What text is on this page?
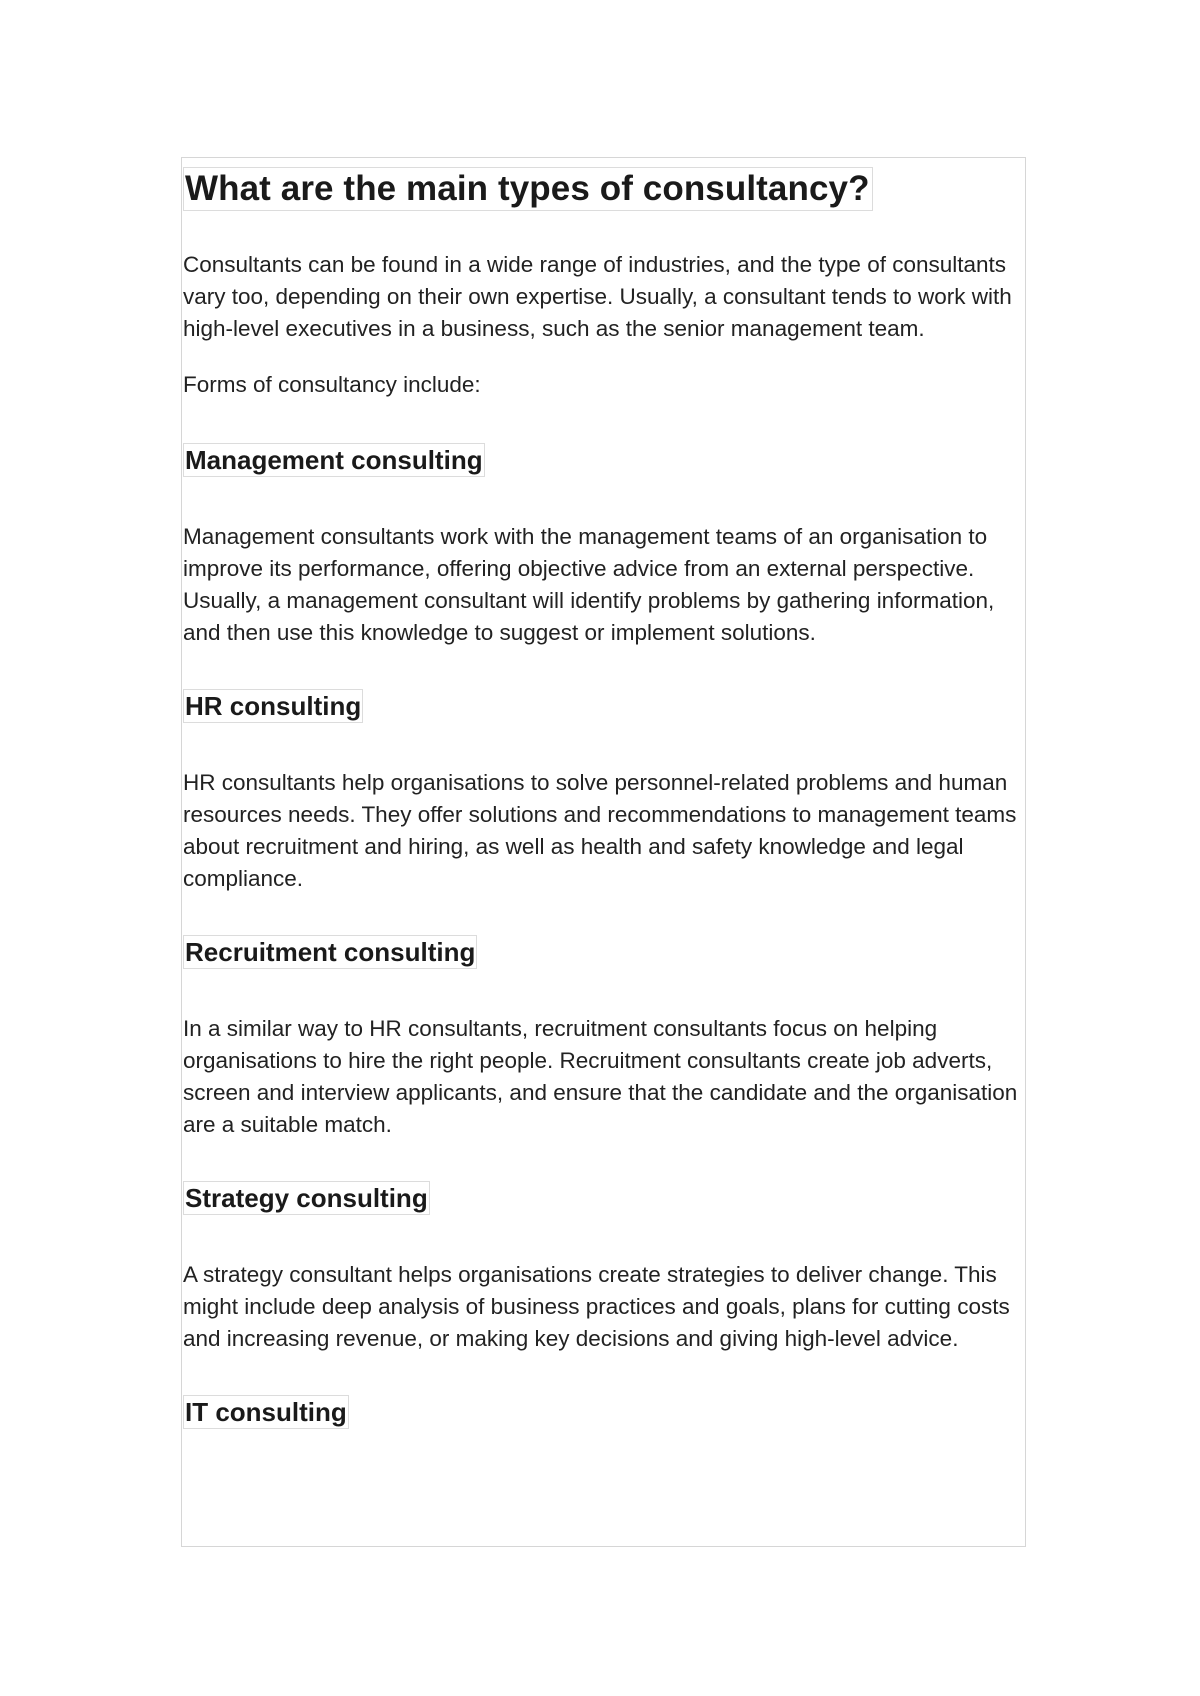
What are the main types of consultancy?

Consultants can be found in a wide range of industries, and the type of consultants vary too, depending on their own expertise. Usually, a consultant tends to work with high-level executives in a business, such as the senior management team.

Forms of consultancy include:

Management consulting

Management consultants work with the management teams of an organisation to improve its performance, offering objective advice from an external perspective. Usually, a management consultant will identify problems by gathering information, and then use this knowledge to suggest or implement solutions.

HR consulting

HR consultants help organisations to solve personnel-related problems and human resources needs. They offer solutions and recommendations to management teams about recruitment and hiring, as well as health and safety knowledge and legal compliance.

Recruitment consulting

In a similar way to HR consultants, recruitment consultants focus on helping organisations to hire the right people. Recruitment consultants create job adverts, screen and interview applicants, and ensure that the candidate and the organisation are a suitable match.

Strategy consulting

A strategy consultant helps organisations create strategies to deliver change. This might include deep analysis of business practices and goals, plans for cutting costs and increasing revenue, or making key decisions and giving high-level advice.

IT consulting
